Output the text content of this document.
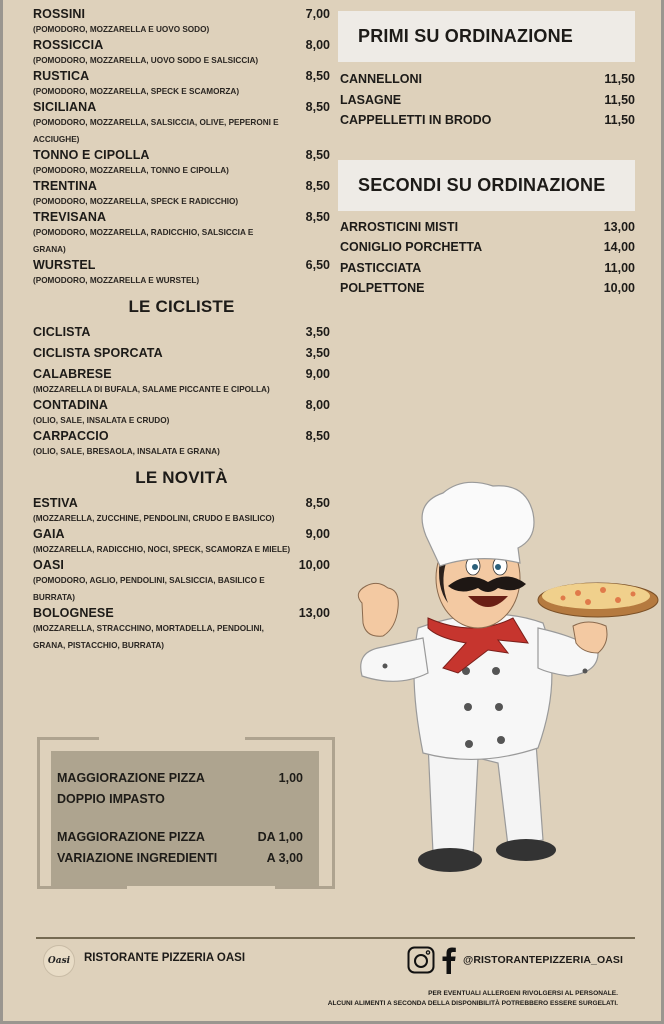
ROSSINI	7,00
(POMODORO, MOZZARELLA E UOVO SODO)
ROSSICCIA	8,00
(POMODORO, MOZZARELLA, UOVO SODO E SALSICCIA)
RUSTICA	8,50
(POMODORO, MOZZARELLA, SPECK E SCAMORZA)
SICILIANA	8,50
(POMODORO, MOZZARELLA, SALSICCIA, OLIVE, PEPERONI E ACCIUGHE)
TONNO E CIPOLLA	8,50
(POMODORO, MOZZARELLA, TONNO E CIPOLLA)
TRENTINA	8,50
(POMODORO, MOZZARELLA, SPECK E RADICCHIO)
TREVISANA	8,50
(POMODORO, MOZZARELLA, RADICCHIO, SALSICCIA E GRANA)
WURSTEL	6,50
(POMODORO, MOZZARELLA E WURSTEL)
LE CICLISTE
CICLISTA	3,50
CICLISTA SPORCATA	3,50
CALABRESE	9,00
(MOZZARELLA DI BUFALA, SALAME PICCANTE E CIPOLLA)
CONTADINA	8,00
(OLIO, SALE, INSALATA E CRUDO)
CARPACCIO	8,50
(OLIO, SALE, BRESAOLA, INSALATA E GRANA)
LE NOVITÀ
ESTIVA	8,50
(MOZZARELLA, ZUCCHINE, PENDOLINI, CRUDO E BASILICO)
GAIA	9,00
(MOZZARELLA, RADICCHIO, NOCI, SPECK, SCAMORZA E MIELE)
OASI	10,00
(POMODORO, AGLIO, PENDOLINI, SALSICCIA, BASILICO E BURRATA)
BOLOGNESE	13,00
(MOZZARELLA, STRACCHINO, MORTADELLA, PENDOLINI, GRANA, PISTACCHIO, BURRATA)
MAGGIORAZIONE PIZZA	1,00
DOPPIO IMPASTO
MAGGIORAZIONE PIZZA	DA 1,00
VARIAZIONE INGREDIENTI	A 3,00
PRIMI SU ORDINAZIONE
CANNELLONI	11,50
LASAGNE	11,50
CAPPELLETTI IN BRODO	11,50
SECONDI SU ORDINAZIONE
ARROSTICINI MISTI	13,00
CONIGLIO PORCHETTA	14,00
PASTICCIATA	11,00
POLPETTONE	10,00
Oasi RISTORANTE PIZZERIA OASI	@RISTORANTEPIZZERIA_OASI
PER EVENTUALI ALLERGENI RIVOLGERSI AL PERSONALE.
ALCUNI ALIMENTI A SECONDA DELLA DISPONIBILITÀ POTREBBERO ESSERE SURGELATI.
